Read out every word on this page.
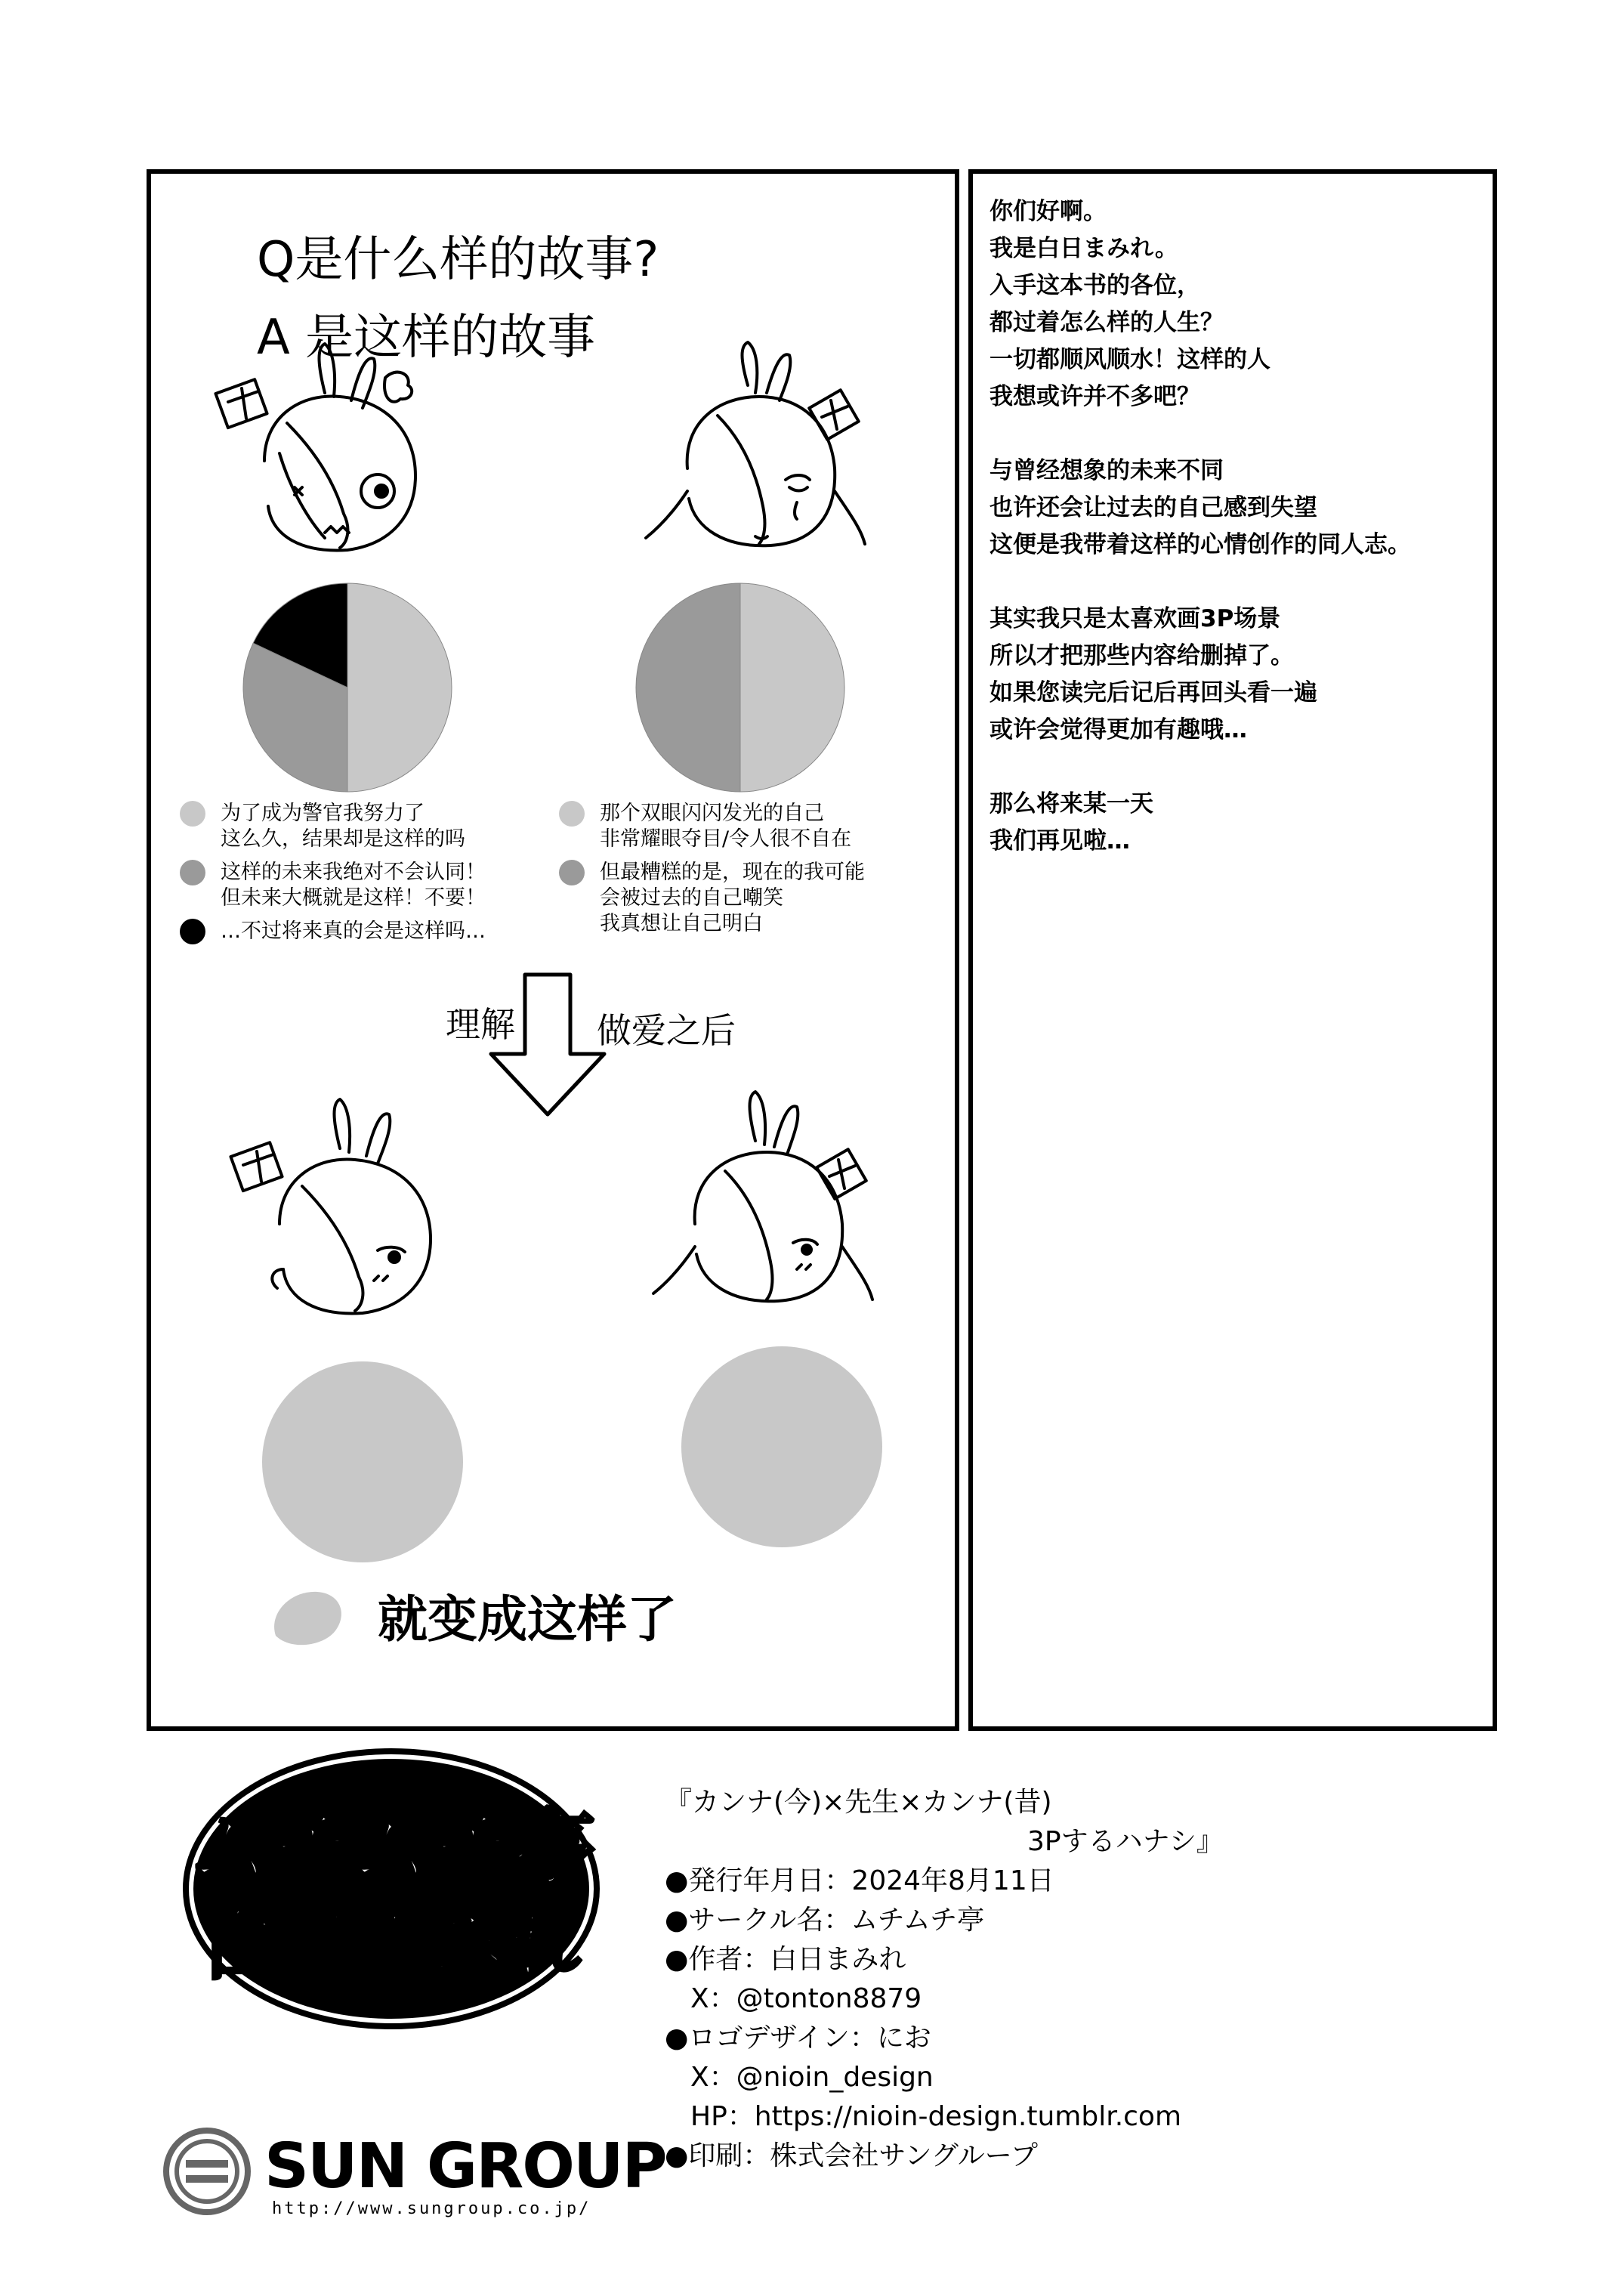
Q是什么样的故事?
A 是这样的故事
为了成为警官我努力了
这么久，结果却是这样的吗
这样的未来我绝对不会认同！
但未来大概就是这样！不要！
…不过将来真的会是这样吗…
那个双眼闪闪发光的自己
非常耀眼夺目/令人很不自在
但最糟糕的是，现在的我可能
会被过去的自己嘲笑
我真想让自己明白
理解 做爱之后
就变成这样了
你们好啊。
我是白日まみれ。
入手这本书的各位，
都过着怎么样的人生？
一切都顺风顺水！这样的人
我想或许并不多吧？
与曾经想象的未来不同
也许还会让过去的自己感到失望
这便是我带着这样的心情创作的同人志。
其实我只是太喜欢画3P场景
所以才把那些内容给删掉了。
如果您读完后记后再回头看一遍
或许会觉得更加有趣哦…
那么将来某一天
我们再见啦…
ムチムチ亭
白日まみれ
SUN GROUP
http://www.sungroup.co.jp/
『カンナ(今)×先生×カンナ(昔)
3Pするハナシ』
●発行年月日：2024年8月11日
●サークル名：ムチムチ亭
●作者：白日まみれ
X：@tonton8879
●ロゴデザイン：にお
X：@nioin_design
HP：https://nioin-design.tumblr.com
●印刷：株式会社サングループ
